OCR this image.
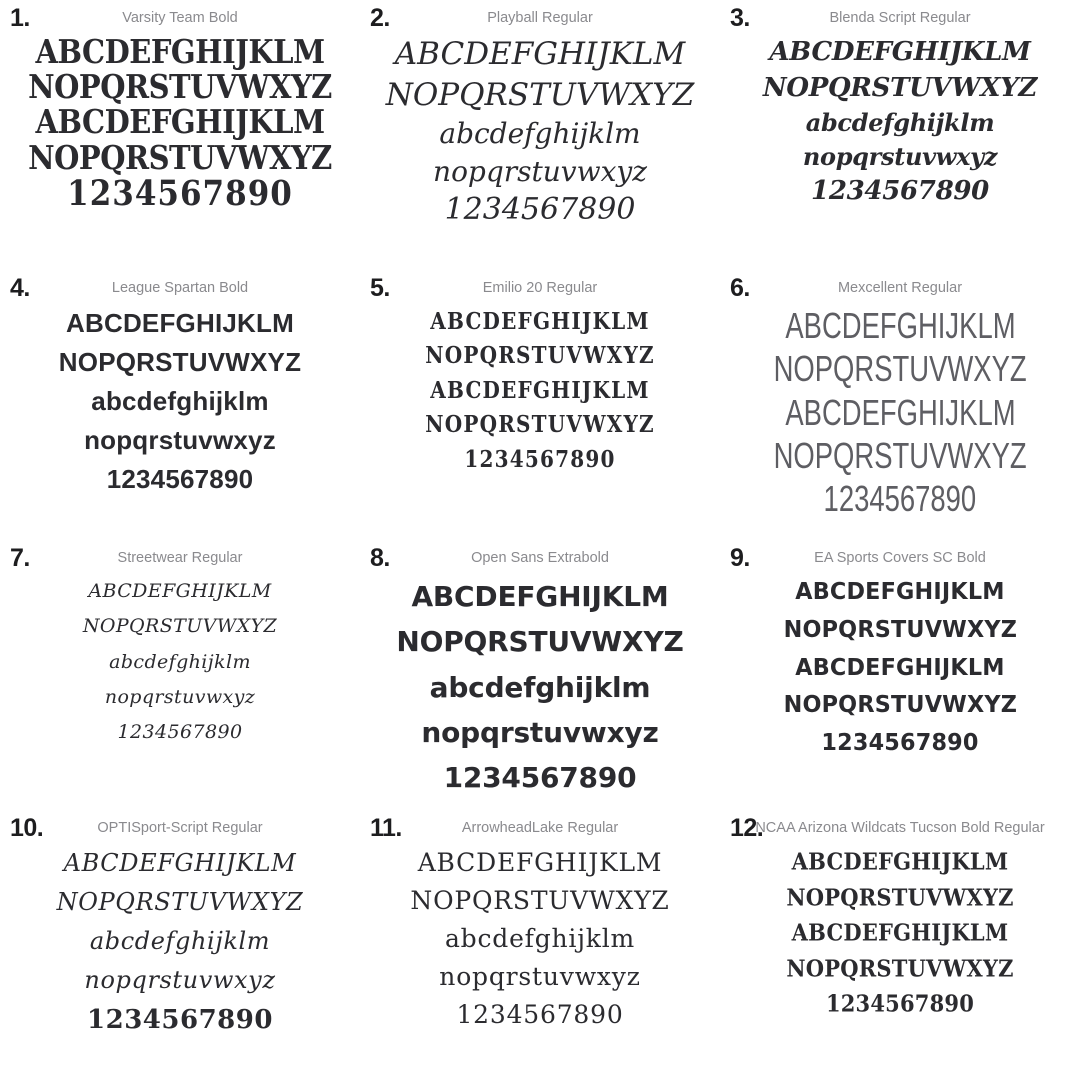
1.	Varsity Team Bold
ABCDEFGHIJKLM
NOPQRSTUVWXYZ
ABCDEFGHIJKLM
NOPQRSTUVWXYZ
1234567890
2.	Playball Regular
ABCDEFGHIJKLM
NOPQRSTUVWXYZ
abcdefghijklm
nopqrstuvwxyz
1234567890
3.	Blenda Script Regular
ABCDEFGHIJKLM
NOPQRSTUVWXYZ
abcdefghijklm
nopqrstuvwxyz
1234567890
4.	League Spartan Bold
ABCDEFGHIJKLM
NOPQRSTUVWXYZ
abcdefghijklm
nopqrstuvwxyz
1234567890
5.	Emilio 20 Regular
ABCDEFGHIJKLM
NOPQRSTUVWXYZ
ABCDEFGHIJKLM
NOPQRSTUVWXYZ
1234567890
6.	Mexcellent Regular
ABCDEFGHIJKLM
NOPQRSTUVWXYZ
ABCDEFGHIJKLM
NOPQRSTUVWXYZ
1234567890
7.	Streetwear Regular
ABCDEFGHIJKLM
NOPQRSTUVWXYZ
abcdefghijklm
nopqrstuvwxyz
1234567890
8.	Open Sans Extrabold
ABCDEFGHIJKLM
NOPQRSTUVWXYZ
abcdefghijklm
nopqrstuvwxyz
1234567890
9.	EA Sports Covers SC Bold
ABCDEFGHIJKLM
NOPQRSTUVWXYZ
ABCDEFGHIJKLM
NOPQRSTUVWXYZ
1234567890
10.	OPTISport-Script Regular
ABCDEFGHIJKLM
NOPQRSTUVWXYZ
abcdefghijklm
nopqrstuvwxyz
1234567890
11.	ArrowheadLake Regular
ABCDEFGHIJKLM
NOPQRSTUVWXYZ
abcdefghijklm
nopqrstuvwxyz
1234567890
12.
NCAA Arizona Wildcats Tucson Bold Regular
ABCDEFGHIJKLM
NOPQRSTUVWXYZ
ABCDEFGHIJKLM
NOPQRSTUVWXYZ
1234567890
